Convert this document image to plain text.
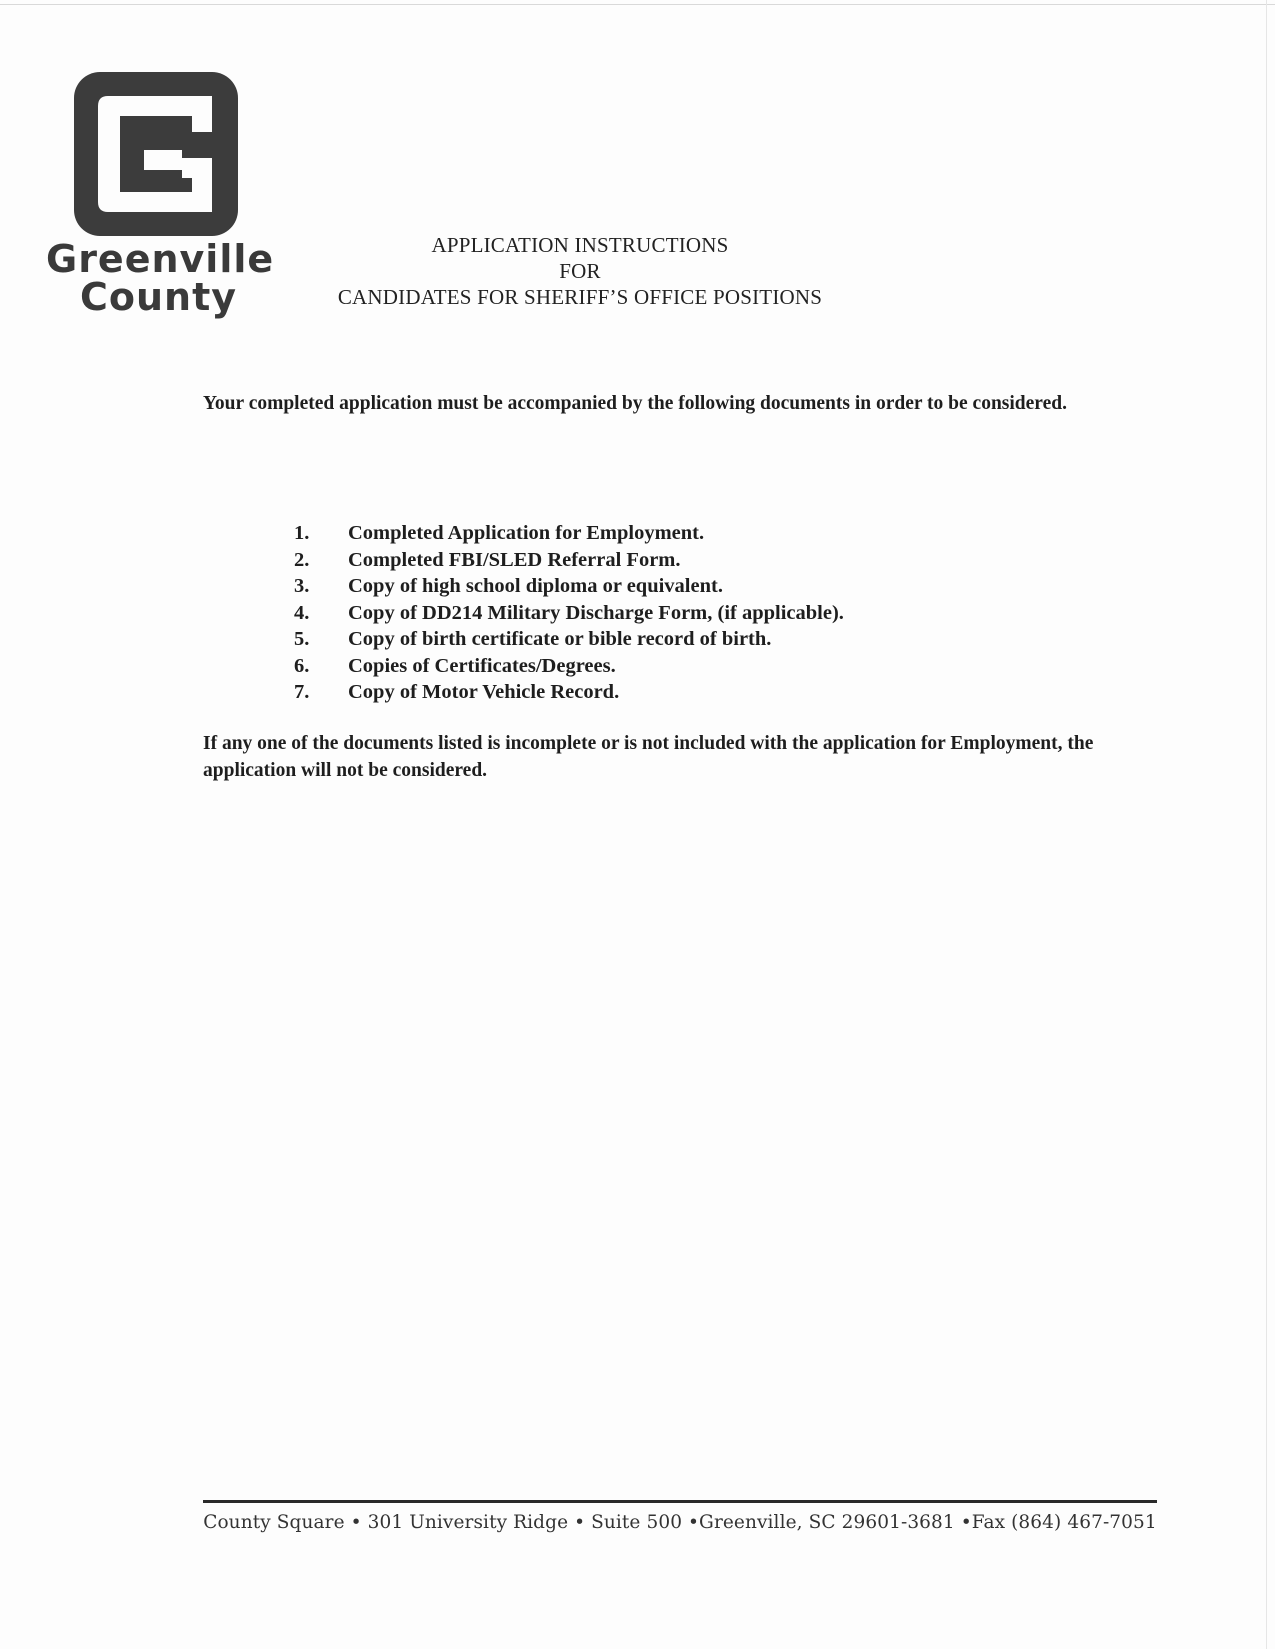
Greenville
County
APPLICATION INSTRUCTIONS
FOR
CANDIDATES FOR SHERIFF’S OFFICE POSITIONS
Your completed application must be accompanied by the following documents in order to be considered.
1.	Completed Application for Employment.
2.	Completed FBI/SLED Referral Form.
3.	Copy of high school diploma or equivalent.
4.	Copy of DD214 Military Discharge Form, (if applicable).
5.	Copy of birth certificate or bible record of birth.
6.	Copies of Certificates/Degrees.
7.	Copy of Motor Vehicle Record.
If any one of the documents listed is incomplete or is not included with the application for Employment, the application will not be considered.
County Square • 301 University Ridge • Suite 500 •Greenville, SC 29601-3681 •Fax (864) 467-7051
